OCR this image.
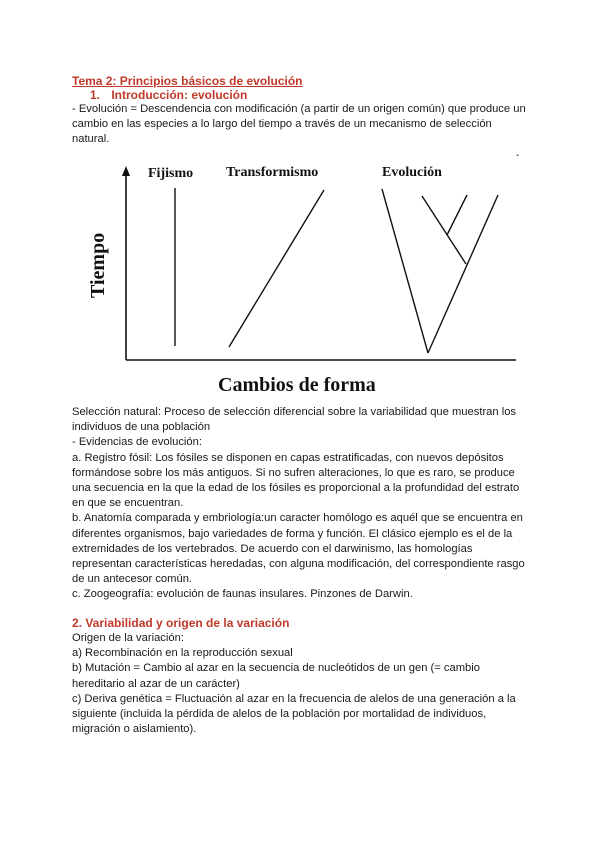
Tema 2: Principios básicos de evolución
1. Introducción: evolución
- Evolución = Descendencia con modificación (a partir de un origen común) que produce un
cambio en las especies a lo largo del tiempo a través de un mecanismo de selección
natural.
-
Fijismo Transformismo	Evolución
Tiempo
Cambios de forma
Selección natural: Proceso de selección diferencial sobre la variabilidad que muestran los
individuos de una población
- Evidencias de evolución:
a. Registro fósil: Los fósiles se disponen en capas estratificadas, con nuevos depósitos
formándose sobre los más antiguos. Si no sufren alteraciones, lo que es raro, se produce
una secuencia en la que la edad de los fósiles es proporcional a la profundidad del estrato
en que se encuentran.
b. Anatomía comparada y embriología:un caracter homólogo es aquél que se encuentra en
diferentes organismos, bajo variedades de forma y función. El clásico ejemplo es el de la
extremidades de los vertebrados. De acuerdo con el darwinismo, las homologías
representan características heredadas, con alguna modificación, del correspondiente rasgo
de un antecesor común.
c. Zoogeografía: evolución de faunas insulares. Pinzones de Darwin.
2. Variabilidad y origen de la variación
Origen de la variación:
a) Recombinación en la reproducción sexual
b) Mutación = Cambio al azar en la secuencia de nucleótidos de un gen (= cambio
hereditario al azar de un carácter)
c) Deriva genética = Fluctuación al azar en la frecuencia de alelos de una generación a la
siguiente (incluida la pérdida de alelos de la población por mortalidad de individuos,
migración o aislamiento).
